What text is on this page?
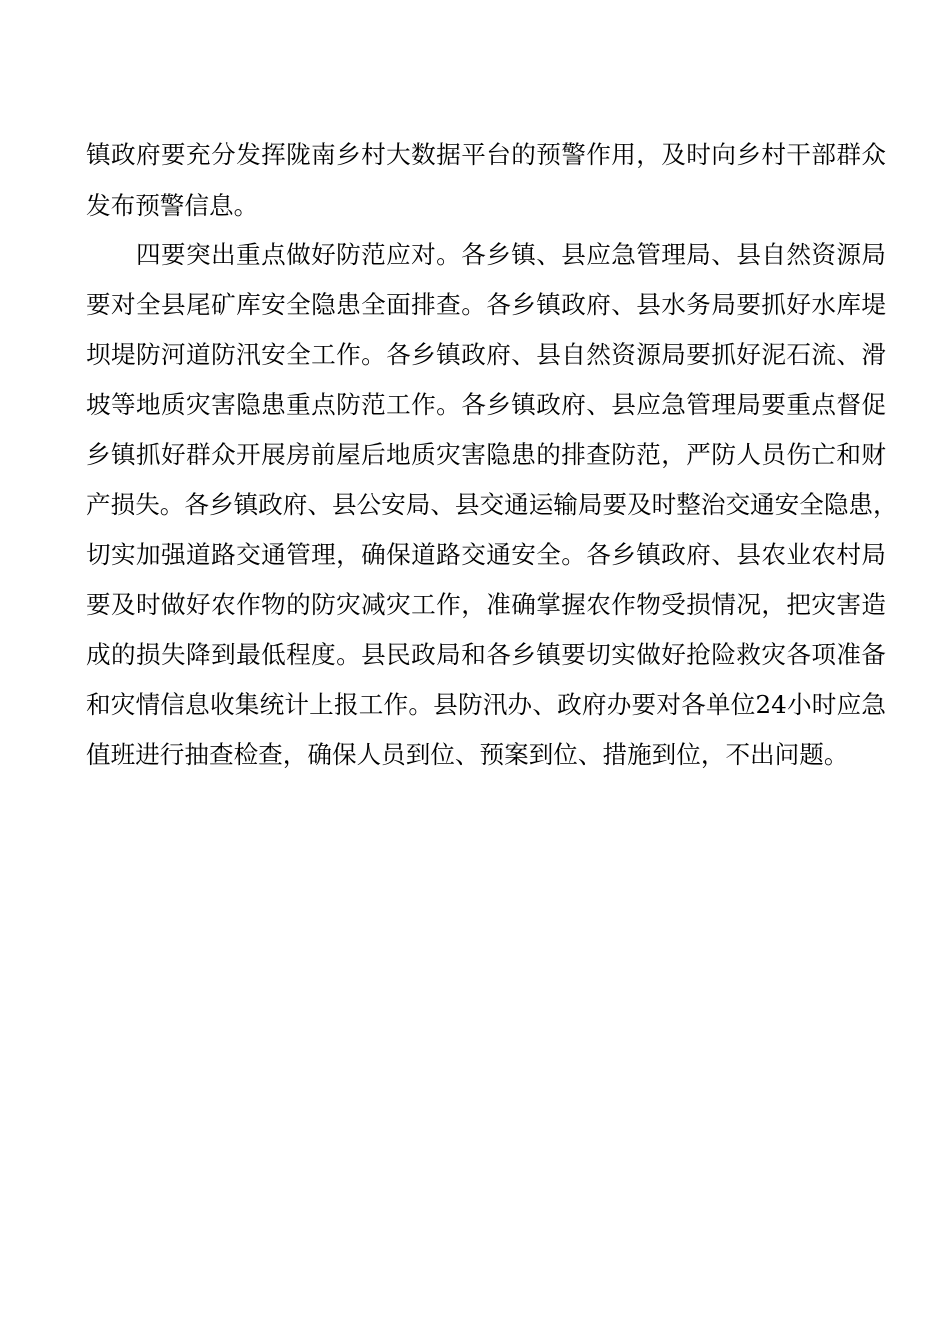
镇政府要充分发挥陇南乡村大数据平台的预警作用，及时向乡村干部群众
发布预警信息。
四要突出重点做好防范应对。各乡镇、县应急管理局、县自然资源局
要对全县尾矿库安全隐患全面排查。各乡镇政府、县水务局要抓好水库堤
坝堤防河道防汛安全工作。各乡镇政府、县自然资源局要抓好泥石流、滑
坡等地质灾害隐患重点防范工作。各乡镇政府、县应急管理局要重点督促
乡镇抓好群众开展房前屋后地质灾害隐患的排查防范，严防人员伤亡和财
产损失。各乡镇政府、县公安局、县交通运输局要及时整治交通安全隐患，
切实加强道路交通管理，确保道路交通安全。各乡镇政府、县农业农村局
要及时做好农作物的防灾减灾工作，准确掌握农作物受损情况，把灾害造
成的损失降到最低程度。县民政局和各乡镇要切实做好抢险救灾各项准备
和灾情信息收集统计上报工作。县防汛办、政府办要对各单位24小时应急
值班进行抽查检查，确保人员到位、预案到位、措施到位，不出问题。
